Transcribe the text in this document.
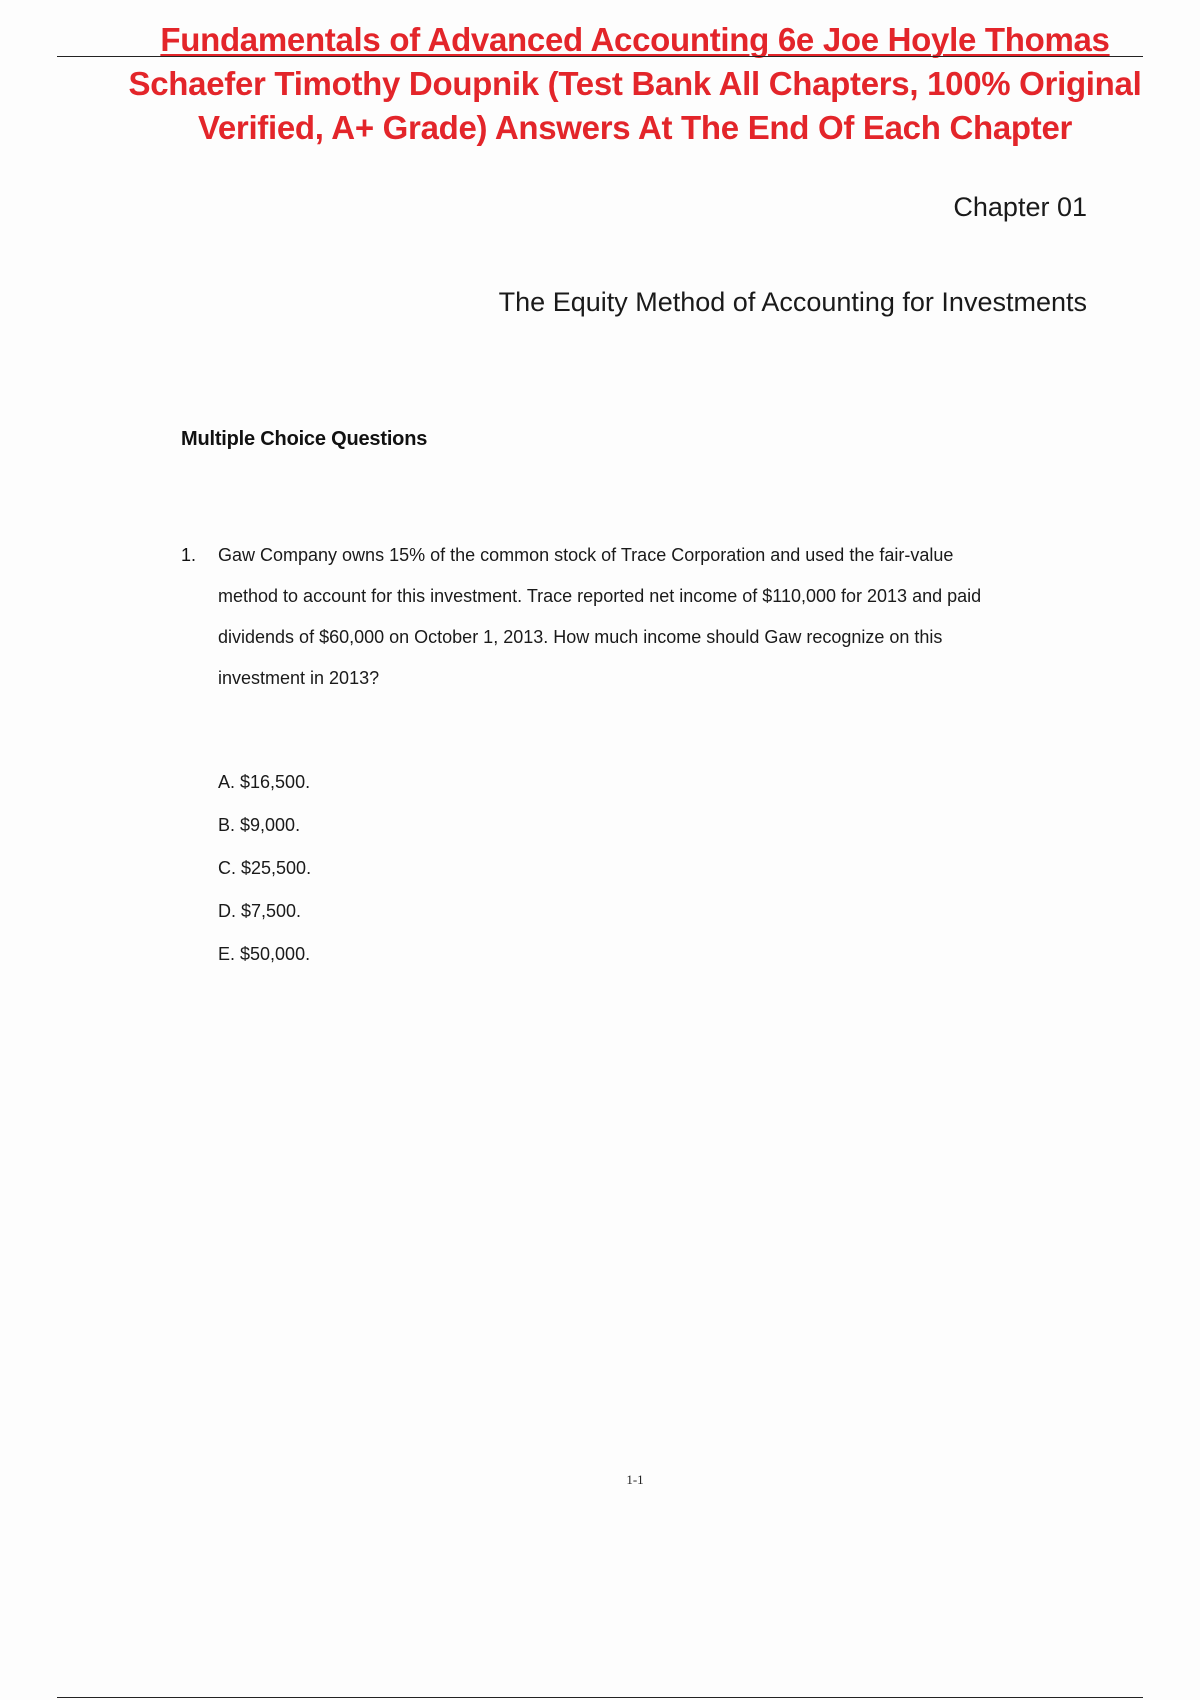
Fundamentals of Advanced Accounting 6e Joe Hoyle Thomas
Schaefer Timothy Doupnik (Test Bank All Chapters, 100% Original
Verified, A+ Grade) Answers At The End Of Each Chapter
Chapter 01
The Equity Method of Accounting for Investments
Multiple Choice Questions
1. Gaw Company owns 15% of the common stock of Trace Corporation and used the fair-value
method to account for this investment. Trace reported net income of $110,000 for 2013 and paid
dividends of $60,000 on October 1, 2013. How much income should Gaw recognize on this
investment in 2013?
A. $16,500.
B. $9,000.
C. $25,500.
D. $7,500.
E. $50,000.
1-1
